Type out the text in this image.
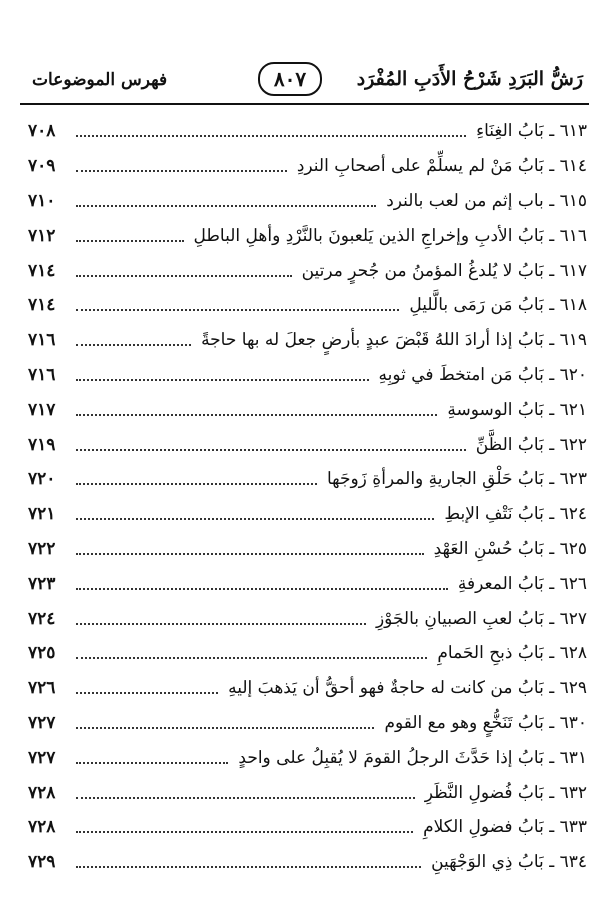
فهرس الموضوعات	٨٠٧	رَشُّ البَرَدِ شَرْحُ الأَدَبِ المُفْرَد
٦١٣ ـ بَابُ الغِنَاءِ
٧٠٨
٦١٤ ـ بَابُ مَنْ لم يسلِّمْ على أصحابِ النردِ
٧٠٩
٦١٥ ـ باب إثم من لعب بالنرد
٧١٠
٦١٦ ـ بَابُ الأدبِ وإخراجِ الذين يَلعبونَ بالنَّرْدِ وأهلِ الباطلِ
٧١٢
٦١٧ ـ بَابُ لا يُلدغُ المؤمنُ من جُحرٍ مرتين
٧١٤
٦١٨ ـ بَابُ مَن رَمَى بالَّليلِ
٧١٤
٦١٩ ـ بَابُ إذا أرادَ اللهُ قَبْضَ عبدٍ بأرضٍ جعلَ له بها حاجةً
٧١٦
٦٢٠ ـ بَابُ مَن امتخطَ في ثوبِهِ
٧١٦
٦٢١ ـ بَابُ الوسوسةِ
٧١٧
٦٢٢ ـ بَابُ الظَّنِّ
٧١٩
٦٢٣ ـ بَابُ حَلْقِ الجاريةِ والمرأةِ زَوجَها
٧٢٠
٦٢٤ ـ بَابُ نَتْفِ الإبطِ
٧٢١
٦٢٥ ـ بَابُ حُسْنِ العَهْدِ
٧٢٢
٦٢٦ ـ بَابُ المعرفةِ
٧٢٣
٦٢٧ ـ بَابُ لعبِ الصبيانِ بالجَوْزِ
٧٢٤
٦٢٨ ـ بَابُ ذبحِ الحَمامِ
٧٢٥
٦٢٩ ـ بَابُ من كانت له حاجةٌ فهو أحقُّ أن يَذهبَ إليهِ
٧٢٦
٦٣٠ ـ بَابُ تَنَخُّعٍ وهو مع القوم
٧٢٧
٦٣١ ـ بَابُ إذا حَدَّثَ الرجلُ القومَ لا يُقبِلُ على واحدٍ
٧٢٧
٦٣٢ ـ بَابُ فُضولِ النَّظَرِ
٧٢٨
٦٣٣ ـ بَابُ فضولِ الكلامِ
٧٢٨
٦٣٤ ـ بَابُ ذِي الوَجْهَينِ
٧٢٩
